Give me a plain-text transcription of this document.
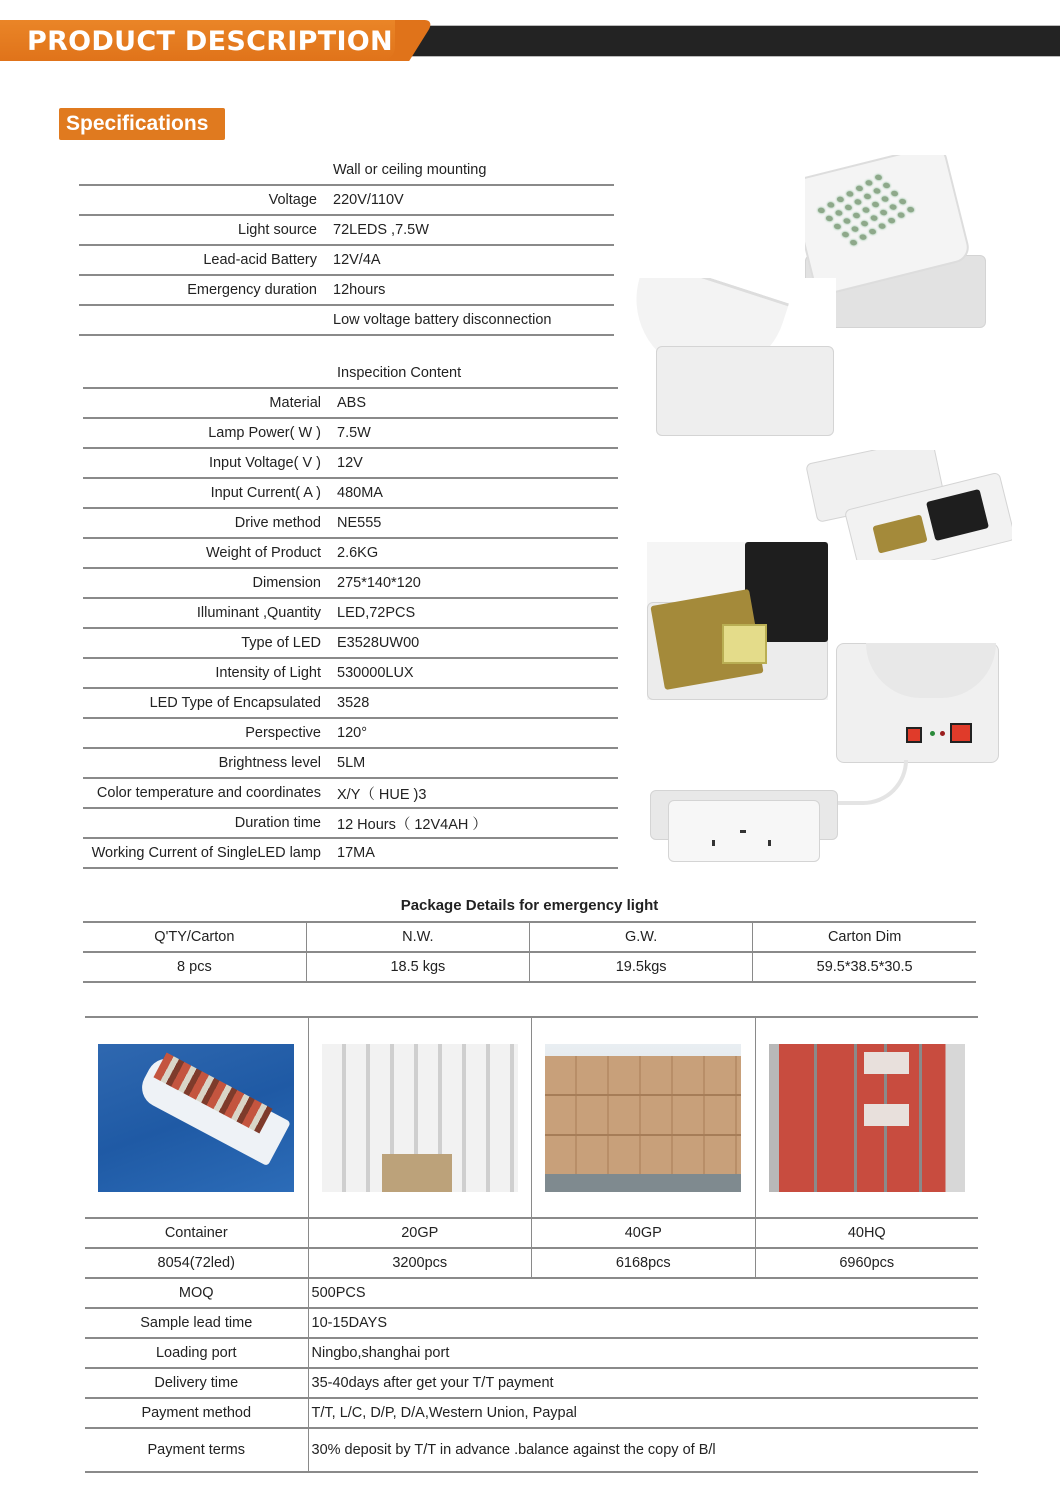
PRODUCT DESCRIPTION
Specifications
	Wall or ceiling mounting
Voltage	220V/110V
Light source	72LEDS ,7.5W
Lead-acid Battery	12V/4A
Emergency duration	12hours
	Low voltage battery disconnection
	Inspecition Content
Material	ABS
Lamp Power( W )	7.5W
Input Voltage( V )	12V
Input Current( A )	480MA
Drive method	NE555
Weight of Product	2.6KG
Dimension	275*140*120
Illuminant ,Quantity	LED,72PCS
Type of LED	E3528UW00
Intensity of Light	530000LUX
LED Type of Encapsulated	3528
Perspective	120°
Brightness level	5LM
Color temperature and coordinates	X/Y（ HUE )3
Duration time	12 Hours（ 12V4AH ）
Working Current of SingleLED lamp	17MA
Package Details for emergency light
Q'TY/Carton	N.W.	G.W.	Carton Dim
8 pcs	18.5 kgs	19.5kgs	59.5*38.5*30.5

Container	20GP	40GP	40HQ
8054(72led)	3200pcs	6168pcs	6960pcs
MOQ	500PCS		
Sample lead time	10-15DAYS		
Loading port	Ningbo,shanghai port		
Delivery time	35-40days after get your T/T payment		
Payment method	T/T, L/C, D/P, D/A,Western Union, Paypal		
Payment terms	30% deposit by T/T in advance .balance against the copy of B/l		
